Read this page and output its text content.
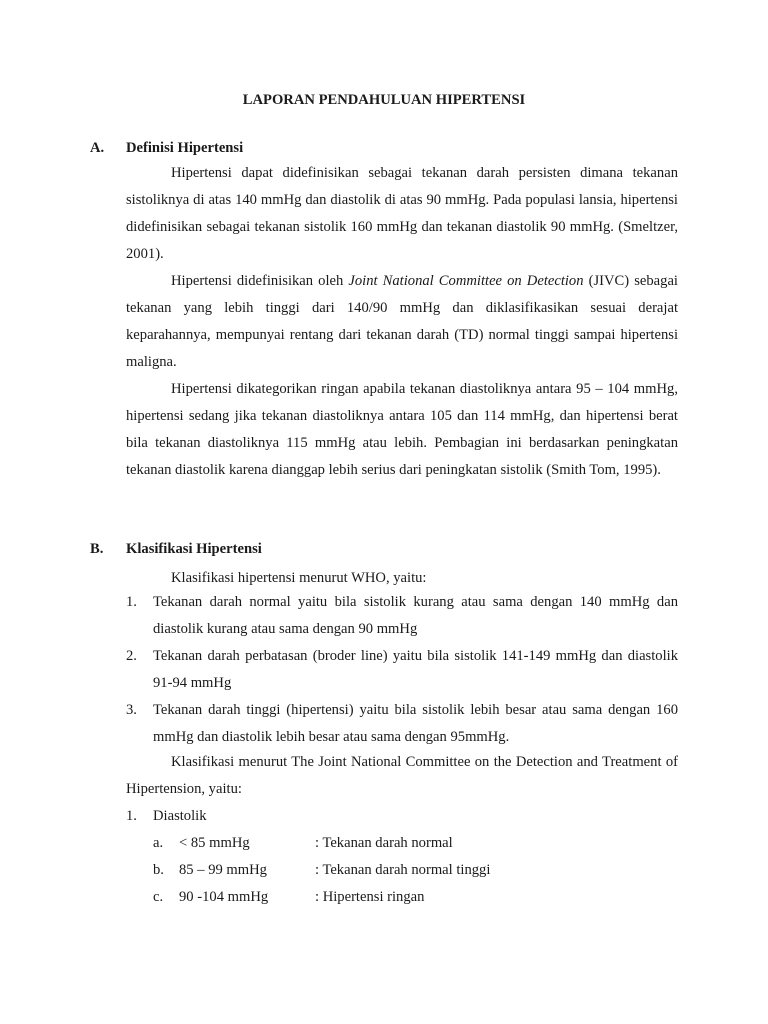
LAPORAN PENDAHULUAN HIPERTENSI
A. Definisi Hipertensi

Hipertensi dapat didefinisikan sebagai tekanan darah persisten dimana tekanan sistoliknya di atas 140 mmHg dan diastolik di atas 90 mmHg. Pada populasi lansia, hipertensi didefinisikan sebagai tekanan sistolik 160 mmHg dan tekanan diastolik 90 mmHg. (Smeltzer, 2001).

Hipertensi didefinisikan oleh Joint National Committee on Detection (JIVC) sebagai tekanan yang lebih tinggi dari 140/90 mmHg dan diklasifikasikan sesuai derajat keparahannya, mempunyai rentang dari tekanan darah (TD) normal tinggi sampai hipertensi maligna.

Hipertensi dikategorikan ringan apabila tekanan diastoliknya antara 95 – 104 mmHg, hipertensi sedang jika tekanan diastoliknya antara 105 dan 114 mmHg, dan hipertensi berat bila tekanan diastoliknya 115 mmHg atau lebih. Pembagian ini berdasarkan peningkatan tekanan diastolik karena dianggap lebih serius dari peningkatan sistolik (Smith Tom, 1995).

B. Klasifikasi Hipertensi

Klasifikasi hipertensi menurut WHO, yaitu:

1. Tekanan darah normal yaitu bila sistolik kurang atau sama dengan 140 mmHg dan diastolik kurang atau sama dengan 90 mmHg
2. Tekanan darah perbatasan (broder line) yaitu bila sistolik 141-149 mmHg dan diastolik 91-94 mmHg
3. Tekanan darah tinggi (hipertensi) yaitu bila sistolik lebih besar atau sama dengan 160 mmHg dan diastolik lebih besar atau sama dengan 95mmHg.

Klasifikasi menurut The Joint National Committee on the Detection and Treatment of Hipertension, yaitu:

1. Diastolik
a. < 85 mmHg	: Tekanan darah normal
b. 85 – 99 mmHg	: Tekanan darah normal tinggi
c. 90 -104 mmHg	: Hipertensi ringan
